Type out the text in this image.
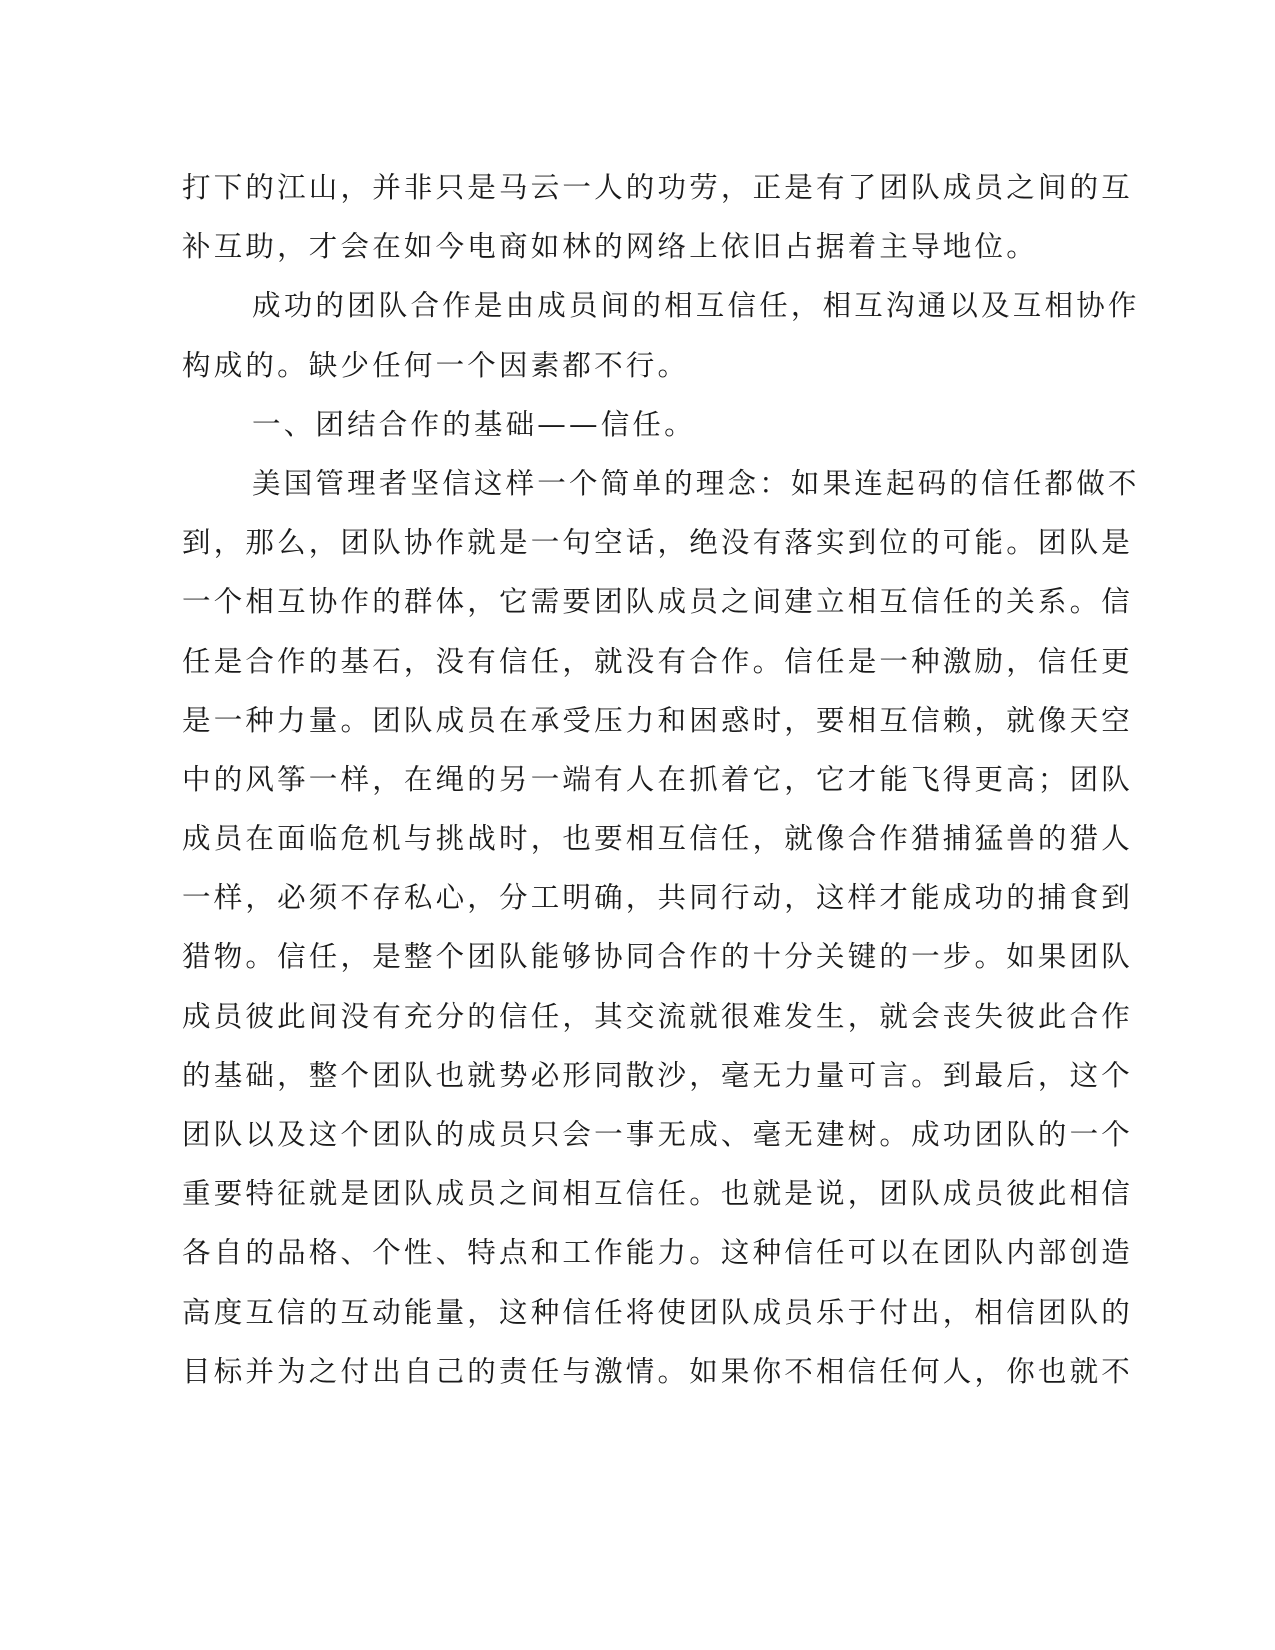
打下的江山，并非只是马云一人的功劳，正是有了团队成员之间的互
补互助，才会在如今电商如林的网络上依旧占据着主导地位。
成功的团队合作是由成员间的相互信任，相互沟通以及互相协作
构成的。缺少任何一个因素都不行。
一、团结合作的基础——信任。
美国管理者坚信这样一个简单的理念：如果连起码的信任都做不
到，那么，团队协作就是一句空话，绝没有落实到位的可能。团队是
一个相互协作的群体，它需要团队成员之间建立相互信任的关系。信
任是合作的基石，没有信任，就没有合作。信任是一种激励，信任更
是一种力量。团队成员在承受压力和困惑时，要相互信赖，就像天空
中的风筝一样，在绳的另一端有人在抓着它，它才能飞得更高；团队
成员在面临危机与挑战时，也要相互信任，就像合作猎捕猛兽的猎人
一样，必须不存私心，分工明确，共同行动，这样才能成功的捕食到
猎物。信任，是整个团队能够协同合作的十分关键的一步。如果团队
成员彼此间没有充分的信任，其交流就很难发生，就会丧失彼此合作
的基础，整个团队也就势必形同散沙，毫无力量可言。到最后，这个
团队以及这个团队的成员只会一事无成、毫无建树。成功团队的一个
重要特征就是团队成员之间相互信任。也就是说，团队成员彼此相信
各自的品格、个性、特点和工作能力。这种信任可以在团队内部创造
高度互信的互动能量，这种信任将使团队成员乐于付出，相信团队的
目标并为之付出自己的责任与激情。如果你不相信任何人，你也就不
